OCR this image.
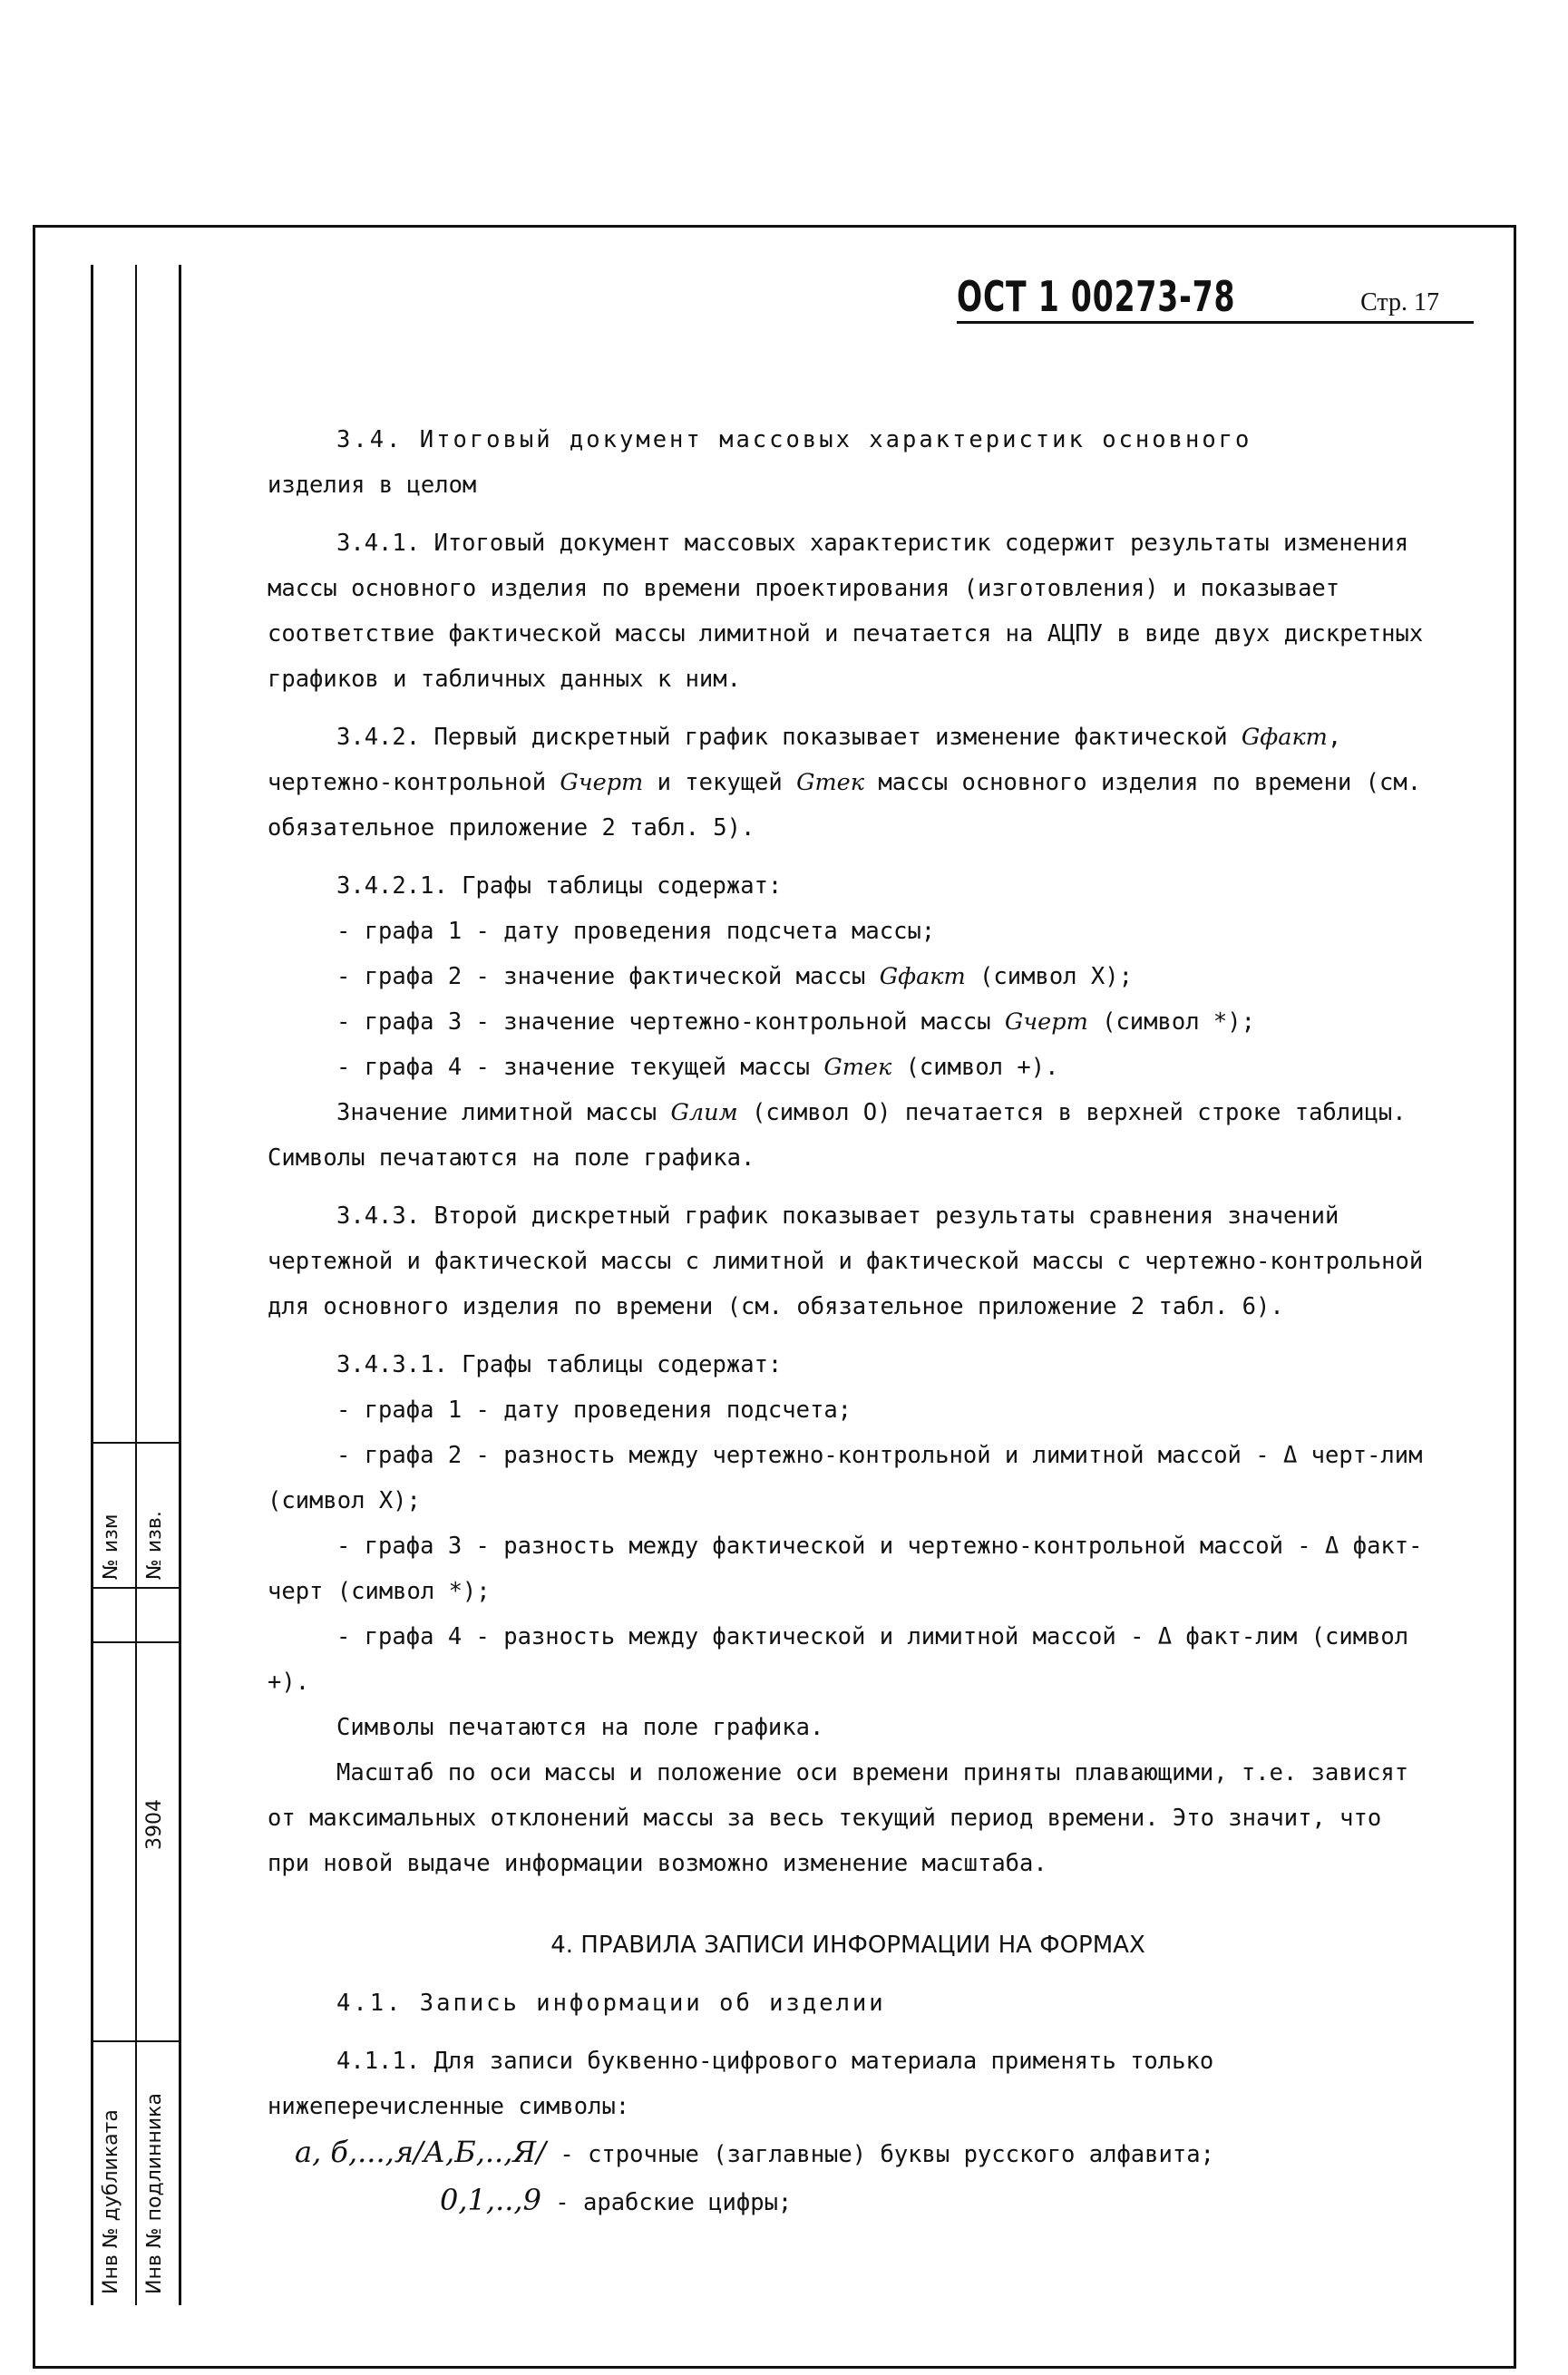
№ изм № изв.
3904
Инв № дубликата Инв № подлинника
ОСТ 1 00273-78	Стр. 17

3.4. Итоговый документ массовых характеристик основного

изделия в целом

3.4.1. Итоговый документ массовых характеристик содержит результаты изменения массы основного изделия по времени проектирования (изготовления) и показывает соответствие фактической массы лимитной и печатается на АЦПУ в виде двух дискретных графиков и табличных данных к ним.

3.4.2. Первый дискретный график показывает изменение фактической Gфакт, чертежно-контрольной Gчерт и текущей Gтек массы основного изделия по времени (см. обязательное приложение 2 табл. 5).

3.4.2.1. Графы таблицы содержат:

- графа 1 - дату проведения подсчета массы;

- графа 2 - значение фактической массы Gфакт (символ X);

- графа 3 - значение чертежно-контрольной массы Gчерт (символ *);

- графа 4 - значение текущей массы Gтек (символ +).

Значение лимитной массы Gлим (символ O) печатается в верхней строке таблицы. Символы печатаются на поле графика.

3.4.3. Второй дискретный график показывает результаты сравнения значений чертежной и фактической массы с лимитной и фактической массы с чертежно-контрольной для основного изделия по времени (см. обязательное приложение 2 табл. 6).

3.4.3.1. Графы таблицы содержат:

- графа 1 - дату проведения подсчета;

- графа 2 - разность между чертежно-контрольной и лимитной массой - Δ черт-лим (символ X);

- графа 3 - разность между фактической и чертежно-контрольной массой - Δ факт-черт (символ *);

- графа 4 - разность между фактической и лимитной массой - Δ факт-лим (символ +).

Символы печатаются на поле графика.

Масштаб по оси массы и положение оси времени приняты плавающими, т.е. зависят от максимальных отклонений массы за весь текущий период времени. Это значит, что при новой выдаче информации возможно изменение масштаба.

4. ПРАВИЛА ЗАПИСИ ИНФОРМАЦИИ НА ФОРМАХ

4.1. Запись информации об изделии

4.1.1. Для записи буквенно-цифрового материала применять только нижеперечисленные символы:

а, б,...,я/А,Б,..,Я/ - строчные (заглавные) буквы русского алфавита;

0,1,..,9 - арабские цифры;
